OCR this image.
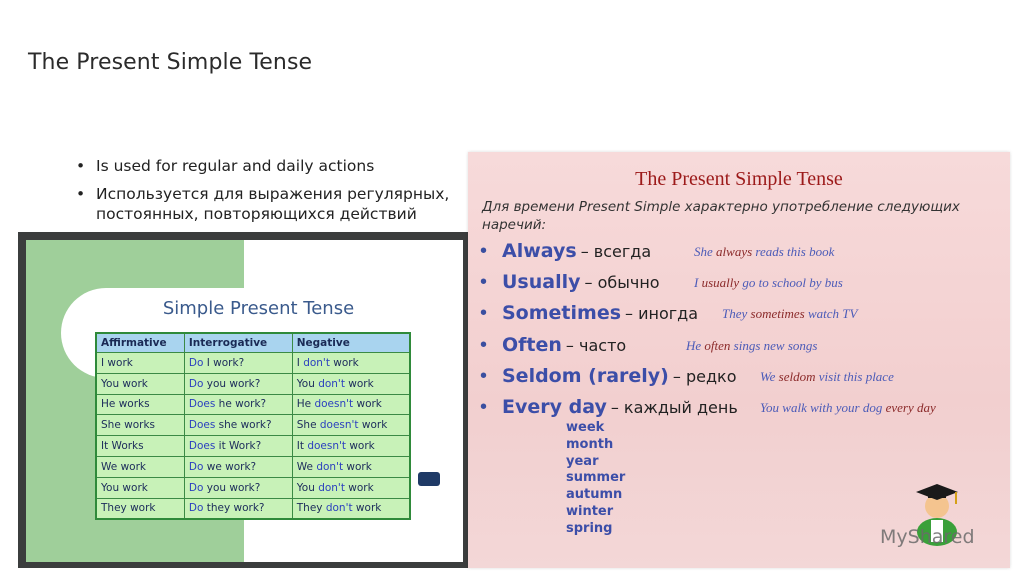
The Present Simple Tense
• Is used for regular and daily actions
• Используется для выражения регулярных, постоянных, повторяющихся действий
Simple Present Tense
Affirmative	Interrogative	Negative
I work	Do I work?	I don't work
You work	Do you work?	You don't work
He works	Does he work?	He doesn't work
She works	Does she work?	She doesn't work
It Works	Does it Work?	It doesn't work
We work	Do we work?	We don't work
You work	Do you work?	You don't work
They work	Do they work?	They don't work
The Present Simple Tense
Для времени Present Simple характерно употребление следующих наречий:
• Always – всегда	She always reads this book
• Usually – обычно	I usually go to school by bus
• Sometimes – иногда They sometimes watch TV
• Often – часто	He often sings new songs
• Seldom (rarely) – редко We seldom visit this place
• Every day – каждый день You walk with your dog every day
week
month
year
summer
autumn
winter
spring	MyShared
